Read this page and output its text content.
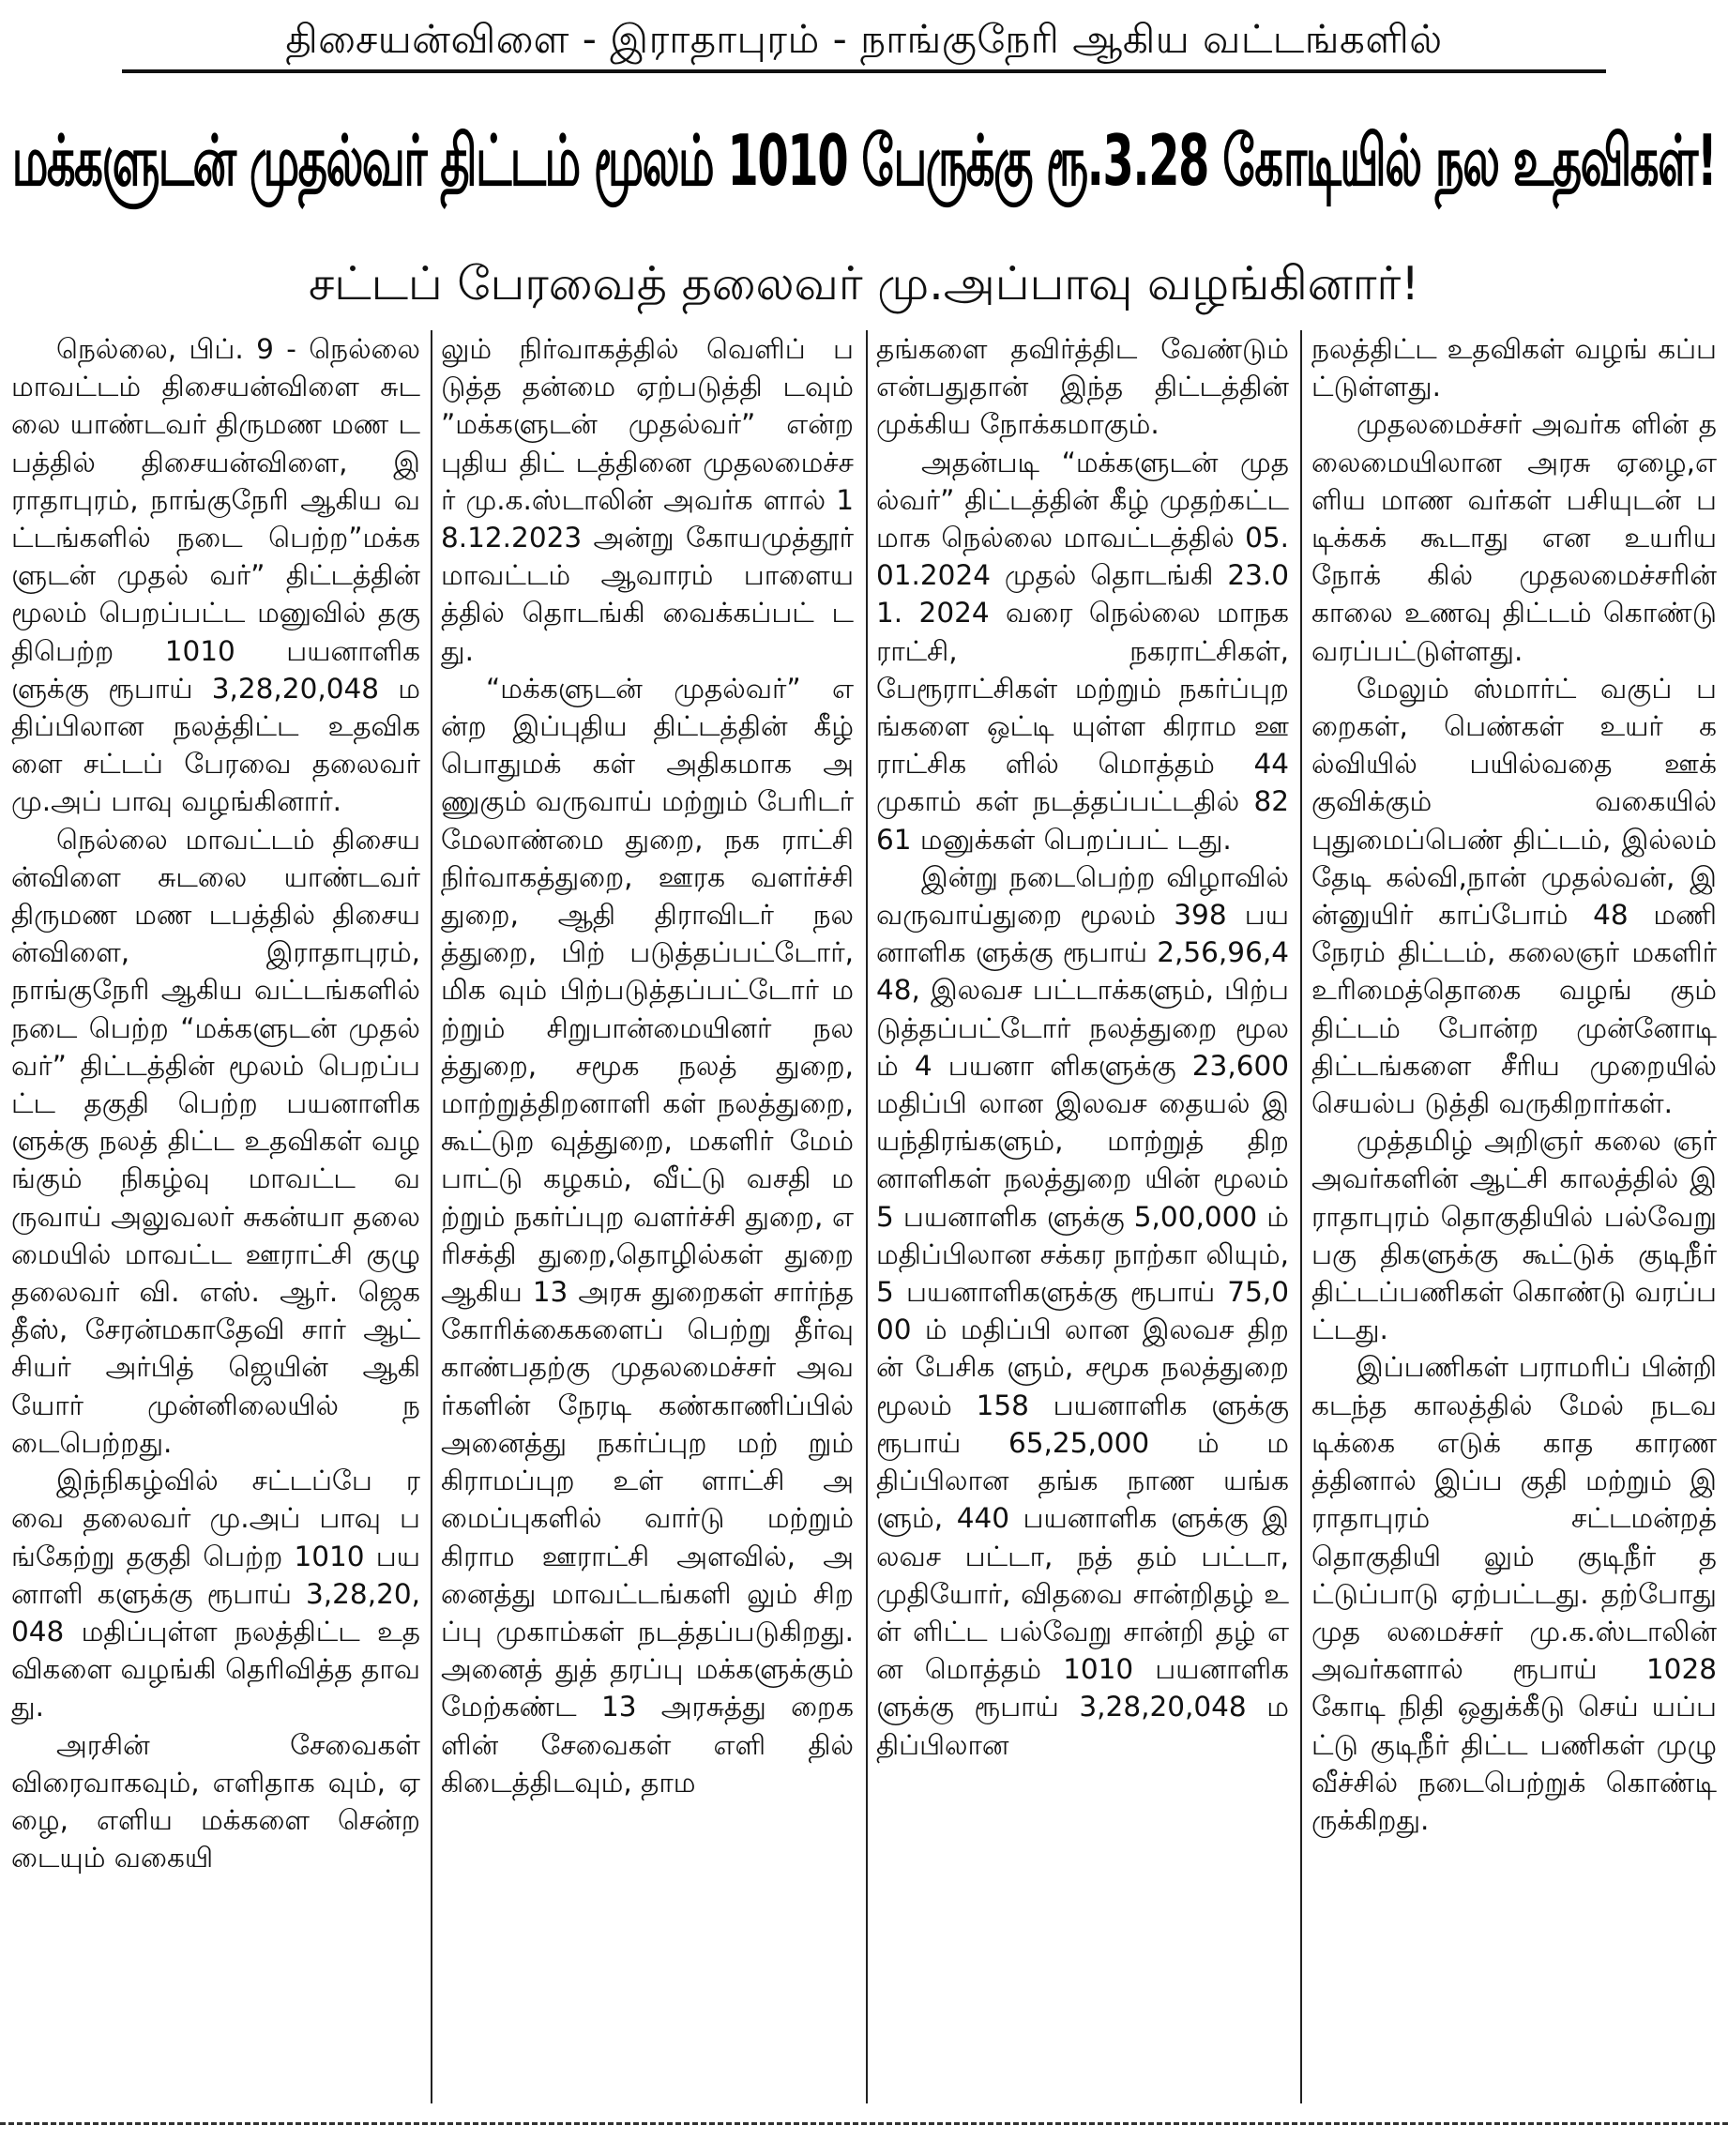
திசையன்விளை - இராதாபுரம் - நாங்குநேரி ஆகிய வட்டங்களில்
மக்களுடன் முதல்வர் திட்டம் மூலம் 1010 பேருக்கு ரூ.3.28 கோடியில் நல உதவிகள்!
சட்டப் பேரவைத் தலைவர் மு.அப்பாவு வழங்கினார்!

நெல்லை, பிப். 9 - நெல்லை மாவட்டம் திசையன்விளை சுடலை யாண்டவர் திருமண மண டபத்தில் திசையன்விளை, இராதாபுரம், நாங்குநேரி ஆகிய வட்டங்களில் நடை பெற்ற”மக்களுடன் முதல் வர்” திட்டத்தின் மூலம் பெறப்பட்ட மனுவில் தகு திபெற்ற 1010 பயனாளிக ளுக்கு ரூபாய் 3,28,20,048 மதிப்பிலான நலத்திட்ட உதவிகளை சட்டப் பேரவை தலைவர் மு.அப் பாவு வழங்கினார்.

நெல்லை மாவட்டம் திசையன்விளை சுடலை யாண்டவர் திருமண மண டபத்தில் திசையன்விளை, இராதாபுரம், நாங்குநேரி ஆகிய வட்டங்களில் நடை பெற்ற “மக்களுடன் முதல் வர்” திட்டத்தின் மூலம் பெறப்பட்ட தகுதி பெற்ற பயனாளிகளுக்கு நலத் திட்ட உதவிகள் வழங்கும் நிகழ்வு மாவட்ட வருவாய் அலுவலர் சுகன்யா தலை மையில் மாவட்ட ஊராட்சி குழு தலைவர் வி. எஸ். ஆர். ஜெகதீஸ், சேரன்மகாதேவி சார் ஆட் சியர் அர்பித் ஜெயின் ஆகி யோர் முன்னிலையில் நடைபெற்றது.

இந்நிகழ்வில் சட்டப்பே ரவை தலைவர் மு.அப் பாவு பங்கேற்று தகுதி பெற்ற 1010 பயனாளி களுக்கு ரூபாய் 3,28,20,048 மதிப்புள்ள நலத்திட்ட உத விகளை வழங்கி தெரிவித்த தாவது.

அரசின் சேவைகள் விரைவாகவும், எளிதாக வும், ஏழை, எளிய மக்களை சென்றடையும் வகையி

லும் நிர்வாகத்தில் வெளிப் படுத்த தன்மை ஏற்படுத்தி டவும் ”மக்களுடன் முதல்வர்” என்ற புதிய திட் டத்தினை முதலமைச்சர் மு.க.ஸ்டாலின் அவர்க ளால் 18.12.2023 அன்று கோயமுத்தூர் மாவட்டம் ஆவாரம் பாளையத்தில் தொடங்கி வைக்கப்பட் டது.

“மக்களுடன் முதல்வர்” என்ற இப்புதிய திட்டத்தின் கீழ் பொதுமக் கள் அதிகமாக அணுகும் வருவாய் மற்றும் பேரிடர் மேலாண்மை துறை, நக ராட்சி நிர்வாகத்துறை, ஊரக வளர்ச்சி துறை, ஆதி திராவிடர் நலத்துறை, பிற் படுத்தப்பட்டோர், மிக வும் பிற்படுத்தப்பட்டோர் மற்றும் சிறுபான்மையினர் நலத்துறை, சமூக நலத் துறை, மாற்றுத்திறனாளி கள் நலத்துறை, கூட்டுற வுத்துறை, மகளிர் மேம் பாட்டு கழகம், வீட்டு வசதி மற்றும் நகர்ப்புற வளர்ச்சி துறை, எரிசக்தி துறை,தொழில்கள் துறை ஆகிய 13 அரசு துறைகள் சார்ந்த கோரிக்கைகளைப் பெற்று தீர்வு காண்பதற்கு முதலமைச்சர் அவர்களின் நேரடி கண்காணிப்பில் அனைத்து நகர்ப்புற மற் றும் கிராமப்புற உள் ளாட்சி அமைப்புகளில் வார்டு மற்றும் கிராம ஊராட்சி அளவில், அனைத்து மாவட்டங்களி லும் சிறப்பு முகாம்கள் நடத்தப்படுகிறது. அனைத் துத் தரப்பு மக்களுக்கும் மேற்கண்ட 13 அரசுத்து றைகளின் சேவைகள் எளி தில் கிடைத்திடவும், தாம

தங்களை தவிர்த்திட வேண்டும் என்பதுதான் இந்த திட்டத்தின் முக்கிய நோக்கமாகும்.

அதன்படி “மக்களுடன் முதல்வர்” திட்டத்தின் கீழ் முதற்கட்டமாக நெல்லை மாவட்டத்தில் 05.01.2024 முதல் தொடங்கி 23.01. 2024 வரை நெல்லை மாநக ராட்சி, நகராட்சிகள், பேரூராட்சிகள் மற்றும் நகர்ப்புறங்களை ஒட்டி யுள்ள கிராம ஊராட்சிக ளில் மொத்தம் 44 முகாம் கள் நடத்தப்பட்டதில் 8261 மனுக்கள் பெறப்பட் டது.

இன்று நடைபெற்ற விழாவில் வருவாய்துறை மூலம் 398 பயனாளிக ளுக்கு ரூபாய் 2,56,96,448, இலவச பட்டாக்களும், பிற்படுத்தப்பட்டோர் நலத்துறை மூலம் 4 பயனா ளிகளுக்கு 23,600 மதிப்பி லான இலவச தையல் இயந்திரங்களும், மாற்றுத் திறனாளிகள் நலத்துறை யின் மூலம் 5 பயனாளிக ளுக்கு 5,00,000 ம் மதிப்பிலான சக்கர நாற்கா லியும், 5 பயனாளிகளுக்கு ரூபாய் 75,000 ம் மதிப்பி லான இலவச திறன் பேசிக ளும், சமூக நலத்துறை மூலம் 158 பயனாளிக ளுக்கு ரூபாய் 65,25,000 ம் மதிப்பிலான தங்க நாண யங்களும், 440 பயனாளிக ளுக்கு இலவச பட்டா, நத் தம் பட்டா,முதியோர், விதவை சான்றிதழ் உள் ளிட்ட பல்வேறு சான்றி தழ் என மொத்தம் 1010 பயனாளிகளுக்கு ரூபாய் 3,28,20,048 மதிப்பிலான

நலத்திட்ட உதவிகள் வழங் கப்பட்டுள்ளது.

முதலமைச்சர் அவர்க ளின் தலைமையிலான அரசு ஏழை,எளிய மாண வர்கள் பசியுடன் படிக்கக் கூடாது என உயரிய நோக் கில் முதலமைச்சரின் காலை உணவு திட்டம் கொண்டு வரப்பட்டுள்ளது.

மேலும் ஸ்மார்ட் வகுப் பறைகள், பெண்கள் உயர் கல்வியில் பயில்வதை ஊக் குவிக்கும் வகையில் புதுமைப்பெண் திட்டம், இல்லம் தேடி கல்வி,நான் முதல்வன், இன்னுயிர் காப்போம் 48 மணி நேரம் திட்டம், கலைஞர் மகளிர் உரிமைத்தொகை வழங் கும் திட்டம் போன்ற முன்னோடி திட்டங்களை சீரிய முறையில் செயல்ப டுத்தி வருகிறார்கள்.

முத்தமிழ் அறிஞர் கலை ஞர் அவர்களின் ஆட்சி காலத்தில் இராதாபுரம் தொகுதியில் பல்வேறு பகு திகளுக்கு கூட்டுக் குடிநீர் திட்டப்பணிகள் கொண்டு வரப்பட்டது.

இப்பணிகள் பராமரிப் பின்றி கடந்த காலத்தில் மேல் நடவடிக்கை எடுக் காத காரணத்தினால் இப்ப குதி மற்றும் இராதாபுரம் சட்டமன்றத் தொகுதியி லும் குடிநீர் தட்டுப்பாடு ஏற்பட்டது. தற்போது முத லமைச்சர் மு.க.ஸ்டாலின் அவர்களால் ரூபாய் 1028 கோடி நிதி ஒதுக்கீடு செய் யப்பட்டு குடிநீர் திட்ட பணிகள் முழு வீச்சில் நடைபெற்றுக் கொண்டி ருக்கிறது.
